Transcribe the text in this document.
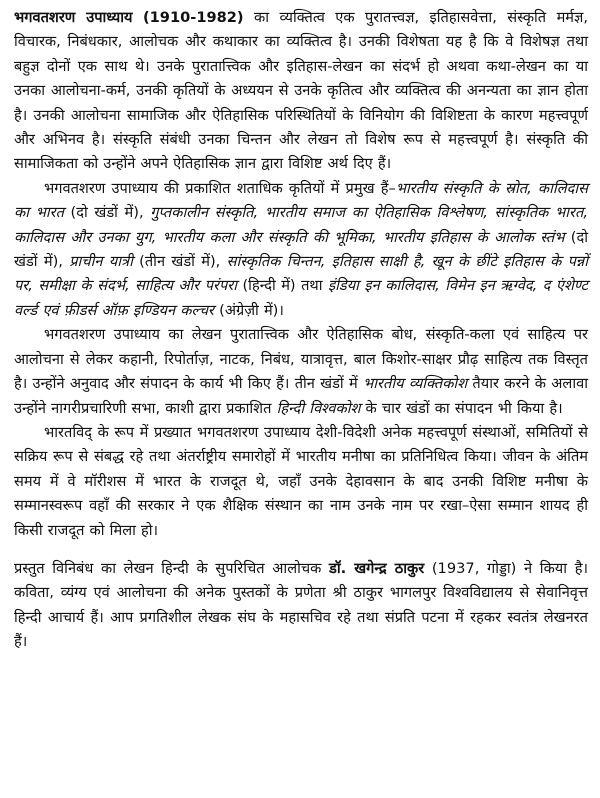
भगवतशरण उपाध्याय (1910-1982) का व्यक्तित्व एक पुरातत्त्वज्ञ, इतिहासवेत्ता, संस्कृति मर्मज्ञ, विचारक, निबंधकार, आलोचक और कथाकार का व्यक्तित्व है। उनकी विशेषता यह है कि वे विशेषज्ञ तथा बहुज्ञ दोनों एक साथ थे। उनके पुरातात्त्विक और इतिहास-लेखन का संदर्भ हो अथवा कथा-लेखन का या उनका आलोचना-कर्म, उनकी कृतियों के अध्ययन से उनके कृतित्व और व्यक्तित्व की अनन्यता का ज्ञान होता है। उनकी आलोचना सामाजिक और ऐतिहासिक परिस्थितियों के विनियोग की विशिष्टता के कारण महत्त्वपूर्ण और अभिनव है। संस्कृति संबंधी उनका चिन्तन और लेखन तो विशेष रूप से महत्त्वपूर्ण है। संस्कृति की सामाजिकता को उन्होंने अपने ऐतिहासिक ज्ञान द्वारा विशिष्ट अर्थ दिए हैं।

भगवतशरण उपाध्याय की प्रकाशित शताधिक कृतियों में प्रमुख हैं–भारतीय संस्कृति के स्रोत, कालिदास का भारत (दो खंडों में), गुप्तकालीन संस्कृति, भारतीय समाज का ऐतिहासिक विश्लेषण, सांस्कृतिक भारत, कालिदास और उनका युग, भारतीय कला और संस्कृति की भूमिका, भारतीय इतिहास के आलोक स्तंभ (दो खंडों में), प्राचीन यात्री (तीन खंडों में), सांस्कृतिक चिन्तन, इतिहास साक्षी है, खून के छींटे इतिहास के पन्नों पर, समीक्षा के संदर्भ, साहित्य और परंपरा (हिन्दी में) तथा इंडिया इन कालिदास, विमेन इन ऋग्वेद, द एंशेण्ट वर्ल्ड एवं फ़ीडर्स ऑफ़ इण्डियन कल्चर (अंग्रेज़ी में)।

भगवतशरण उपाध्याय का लेखन पुरातात्त्विक और ऐतिहासिक बोध, संस्कृति-कला एवं साहित्य पर आलोचना से लेकर कहानी, रिपोर्ताज़, नाटक, निबंध, यात्रावृत्त, बाल किशोर-साक्षर प्रौढ़ साहित्य तक विस्तृत है। उन्होंने अनुवाद और संपादन के कार्य भी किए हैं। तीन खंडों में भारतीय व्यक्तिकोश तैयार करने के अलावा उन्होंने नागरीप्रचारिणी सभा, काशी द्वारा प्रकाशित हिन्दी विश्वकोश के चार खंडों का संपादन भी किया है।

भारतविद् के रूप में प्रख्यात भगवतशरण उपाध्याय देशी-विदेशी अनेक महत्त्वपूर्ण संस्थाओं, समितियों से सक्रिय रूप से संबद्ध रहे तथा अंतर्राष्ट्रीय समारोहों में भारतीय मनीषा का प्रतिनिधित्व किया। जीवन के अंतिम समय में वे मॉरीशस में भारत के राजदूत थे, जहाँ उनके देहावसान के बाद उनकी विशिष्ट मनीषा के सम्मानस्वरूप वहाँ की सरकार ने एक शैक्षिक संस्थान का नाम उनके नाम पर रखा–ऐसा सम्मान शायद ही किसी राजदूत को मिला हो।

प्रस्तुत विनिबंध का लेखन हिन्दी के सुपरिचित आलोचक डॉ. खगेन्द्र ठाकुर (1937, गोड्डा) ने किया है। कविता, व्यंग्य एवं आलोचना की अनेक पुस्तकों के प्रणेता श्री ठाकुर भागलपुर विश्वविद्यालय से सेवानिवृत्त हिन्दी आचार्य हैं। आप प्रगतिशील लेखक संघ के महासचिव रहे तथा संप्रति पटना में रहकर स्वतंत्र लेखनरत हैं।
